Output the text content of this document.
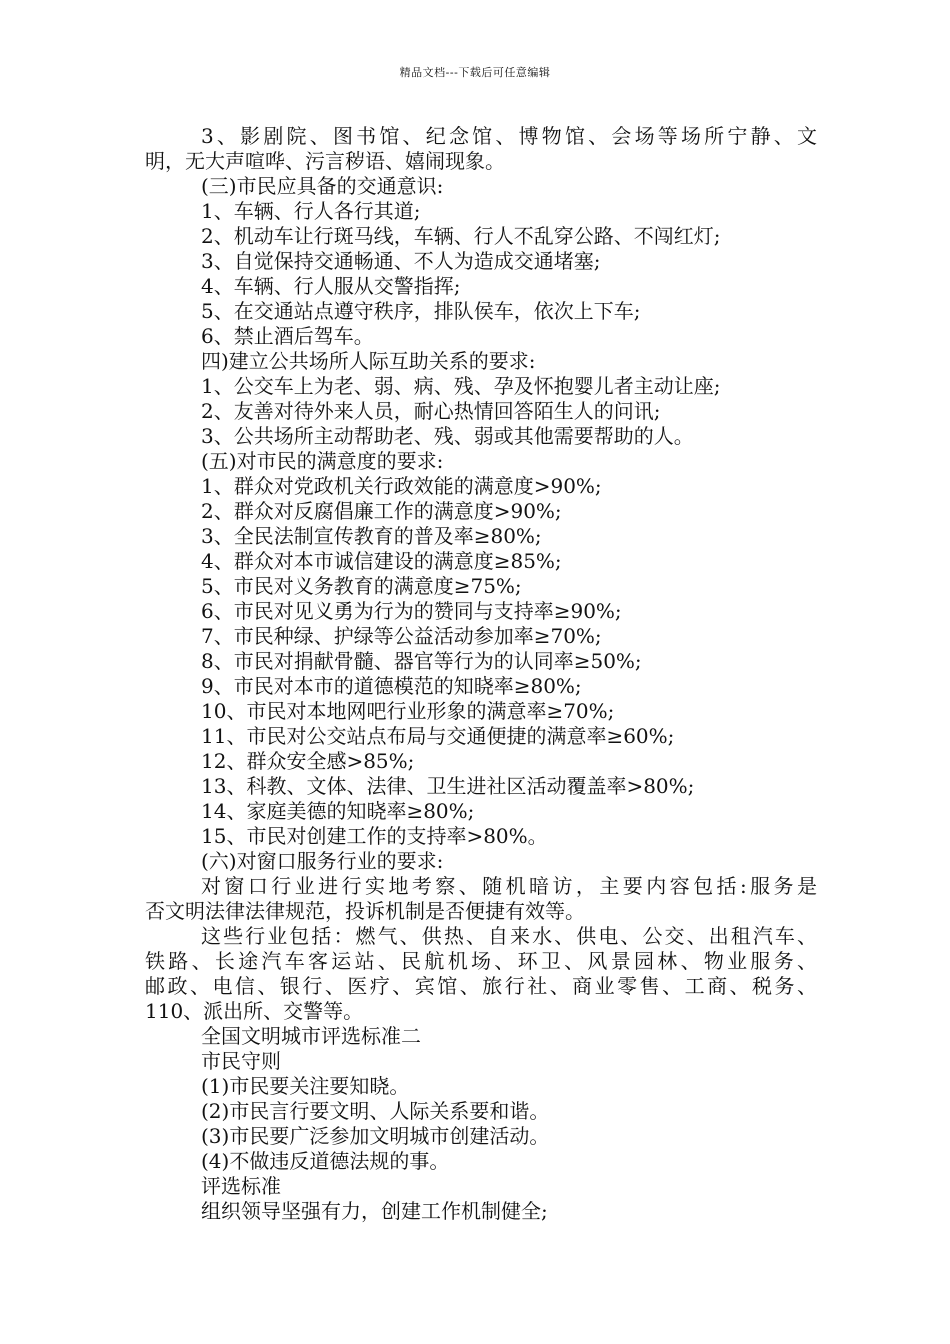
精品文档---下载后可任意编辑
3、影剧院、图书馆、纪念馆、博物馆、会场等场所宁静、文
明，无大声喧哗、污言秽语、嬉闹现象。
(三)市民应具备的交通意识:
1、车辆、行人各行其道;
2、机动车让行斑马线，车辆、行人不乱穿公路、不闯红灯;
3、自觉保持交通畅通、不人为造成交通堵塞;
4、车辆、行人服从交警指挥;
5、在交通站点遵守秩序，排队侯车，依次上下车;
6、禁止酒后驾车。
四)建立公共场所人际互助关系的要求:
1、公交车上为老、弱、病、残、孕及怀抱婴儿者主动让座;
2、友善对待外来人员，耐心热情回答陌生人的问讯;
3、公共场所主动帮助老、残、弱或其他需要帮助的人。
(五)对市民的满意度的要求:
1、群众对党政机关行政效能的满意度>90%;
2、群众对反腐倡廉工作的满意度>90%;
3、全民法制宣传教育的普及率≥80%;
4、群众对本市诚信建设的满意度≥85%;
5、市民对义务教育的满意度≥75%;
6、市民对见义勇为行为的赞同与支持率≥90%;
7、市民种绿、护绿等公益活动参加率≥70%;
8、市民对捐献骨髓、器官等行为的认同率≥50%;
9、市民对本市的道德模范的知晓率≥80%;
10、市民对本地网吧行业形象的满意率≥70%;
11、市民对公交站点布局与交通便捷的满意率≥60%;
12、群众安全感>85%;
13、科教、文体、法律、卫生进社区活动覆盖率>80%;
14、家庭美德的知晓率≥80%;
15、市民对创建工作的支持率>80%。
(六)对窗口服务行业的要求:
对窗口行业进行实地考察、随机暗访，主要内容包括:服务是
否文明法律法律规范，投诉机制是否便捷有效等。
这些行业包括：燃气、供热、自来水、供电、公交、出租汽车、
铁路、长途汽车客运站、民航机场、环卫、风景园林、物业服务、
邮政、电信、银行、医疗、宾馆、旅行社、商业零售、工商、税务、
110、派出所、交警等。
全国文明城市评选标准二
市民守则
(1)市民要关注要知晓。
(2)市民言行要文明、人际关系要和谐。
(3)市民要广泛参加文明城市创建活动。
(4)不做违反道德法规的事。
评选标准
组织领导坚强有力，创建工作机制健全;
